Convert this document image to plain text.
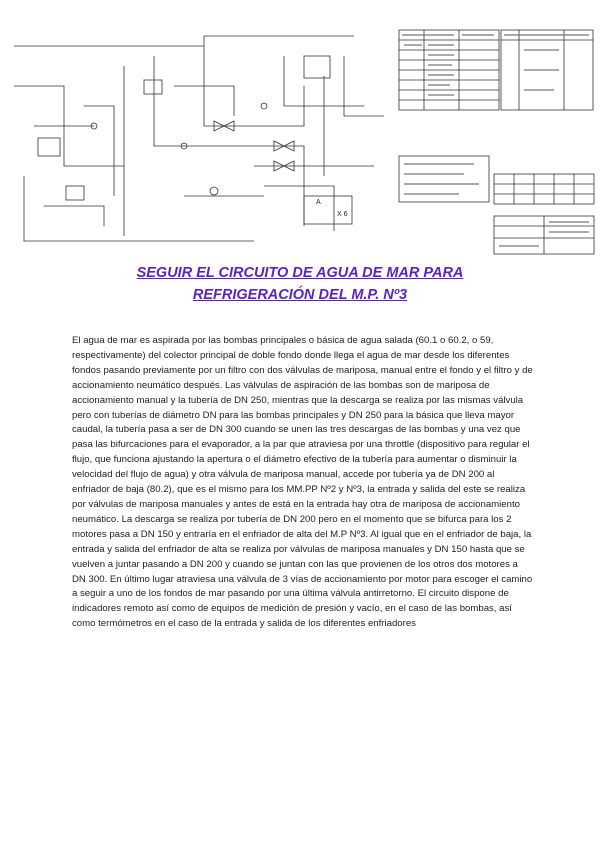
X 6
A
SEGUIR EL CIRCUITO DE AGUA DE MAR PARA
REFRIGERACIÓN DEL M.P. Nº3
El agua de mar es aspirada por las bombas principales o básica de agua salada (60.1 o 60.2, o 59, respectivamente) del colector principal de doble fondo donde llega el agua de mar desde los diferentes fondos pasando previamente por un filtro con dos válvulas de mariposa, manual entre el fondo y el filtro y de accionamiento neumático después. Las válvulas de aspiración de las bombas son de mariposa de accionamiento manual y la tubería de DN 250, mientras que la descarga se realiza por las mismas válvula pero con tuberías de diámetro DN para las bombas principales y DN 250 para la básica que lleva mayor caudal, la tubería pasa a ser de DN 300 cuando se unen las tres descargas de las bombas y una vez que pasa las bifurcaciones para el evaporador, a la par que atraviesa por una throttle (dispositivo para regular el flujo, que funciona ajustando la apertura o el diámetro efectivo de la tubería para aumentar o disminuir la velocidad del flujo de agua) y otra válvula de mariposa manual, accede por tubería ya de DN 200 al enfriador de baja (80.2), que es el mismo para los MM.PP Nº2 y Nº3, la entrada y salida del este se realiza por válvulas de mariposa manuales y antes de está en la entrada hay otra de mariposa de accionamiento neumático. La descarga se realiza por tubería de DN 200 pero en el momento que se bifurca para los 2 motores pasa a DN 150 y entraría en el enfriador de alta del M.P Nº3. Al igual que en el enfriador de baja, la entrada y salida del enfriador de alta se realiza por válvulas de mariposa manuales y DN 150 hasta que se vuelven a juntar pasando a DN 200 y cuando se juntan con las que provienen de los otros dos motores a DN 300. En último lugar atraviesa una válvula de 3 vías de accionamiento por motor para escoger el camino a seguir a uno de los fondos de mar pasando por una última válvula antirretorno. El circuito dispone de indicadores remoto así como de equipos de medición de presión y vacío, en el caso de las bombas, así como termómetros en el caso de la entrada y salida de los diferentes enfriadores
